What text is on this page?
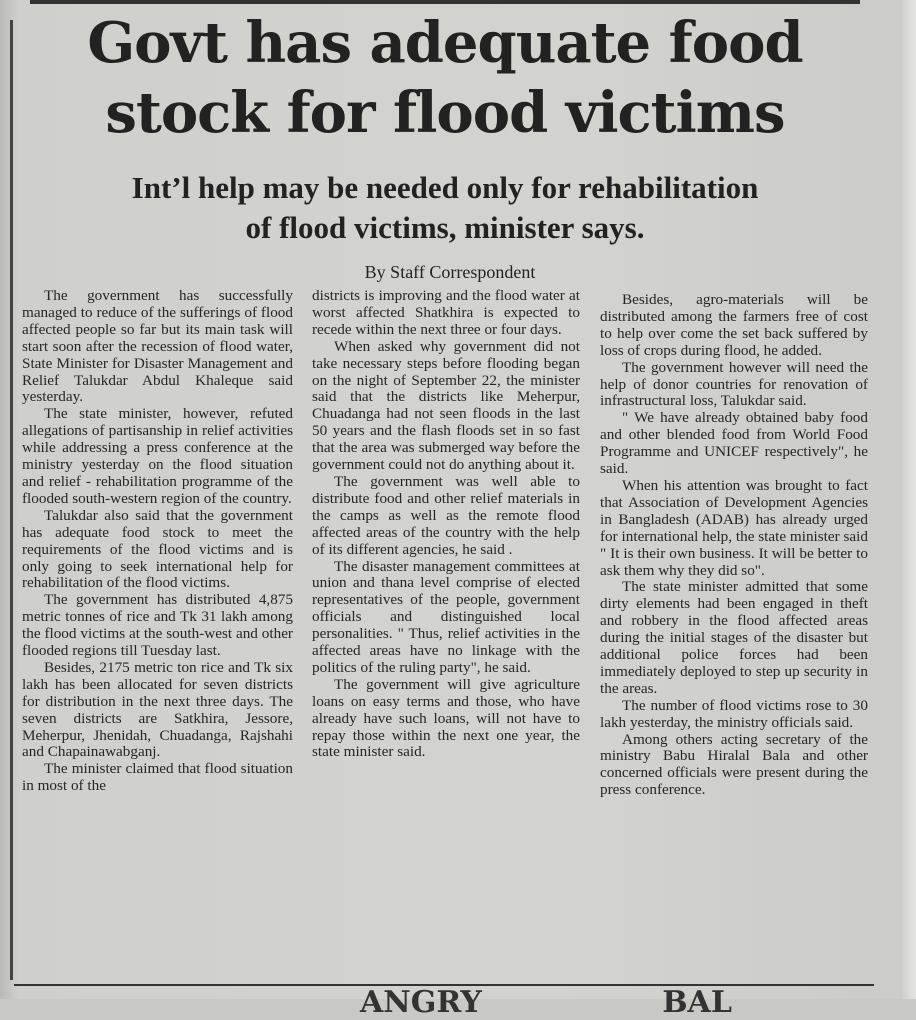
Govt has adequate food
stock for flood victims
Int’l help may be needed only for rehabilitation
of flood victims, minister says.
By Staff Correspondent

The government has successfully managed to reduce of the sufferings of flood affected people so far but its main task will start soon after the recession of flood water, State Minister for Disaster Management and Relief Talukdar Abdul Khaleque said yesterday.

The state minister, however, refuted allegations of partisanship in relief activities while addressing a press conference at the ministry yesterday on the flood situation and relief - rehabilitation programme of the flooded south-western region of the country.

Talukdar also said that the government has adequate food stock to meet the requirements of the flood victims and is only going to seek international help for rehabilitation of the flood victims.

The government has distributed 4,875 metric tonnes of rice and Tk 31 lakh among the flood victims at the south-west and other flooded regions till Tuesday last.

Besides, 2175 metric ton rice and Tk six lakh has been allocated for seven districts for distribution in the next three days. The seven districts are Satkhira, Jessore, Meherpur, Jhenidah, Chuadanga, Rajshahi and Chapainawabganj.

The minister claimed that flood situation in most of the

districts is improving and the flood water at worst affected Shatkhira is expected to recede within the next three or four days.

When asked why government did not take necessary steps before flooding began on the night of September 22, the minister said that the districts like Meherpur, Chuadanga had not seen floods in the last 50 years and the flash floods set in so fast that the area was submerged way before the government could not do anything about it.

The government was well able to distribute food and other relief materials in the camps as well as the remote flood affected areas of the country with the help of its different agencies, he said .

The disaster management committees at union and thana level comprise of elected representatives of the people, government officials and distinguished local personalities. " Thus, relief activities in the affected areas have no linkage with the politics of the ruling party", he said.

The government will give agriculture loans on easy terms and those, who have already have such loans, will not have to repay those within the next one year, the state minister said.

Besides, agro-materials will be distributed among the farmers free of cost to help over come the set back suffered by loss of crops during flood, he added.

The government however will need the help of donor countries for renovation of infrastructural loss, Talukdar said.

" We have already obtained baby food and other blended food from World Food Programme and UNICEF respectively", he said.

When his attention was brought to fact that Association of Development Agencies in Bangladesh (ADAB) has already urged for international help, the state minister said " It is their own business. It will be better to ask them why they did so".

The state minister admitted that some dirty elements had been engaged in theft and robbery in the flood affected areas during the initial stages of the disaster but additional police forces had been immediately deployed to step up security in the areas.

The number of flood victims rose to 30 lakh yesterday, the ministry officials said.

Among others acting secretary of the ministry Babu Hiralal Bala and other concerned officials were present during the press conference.

ANGRY	BAL
